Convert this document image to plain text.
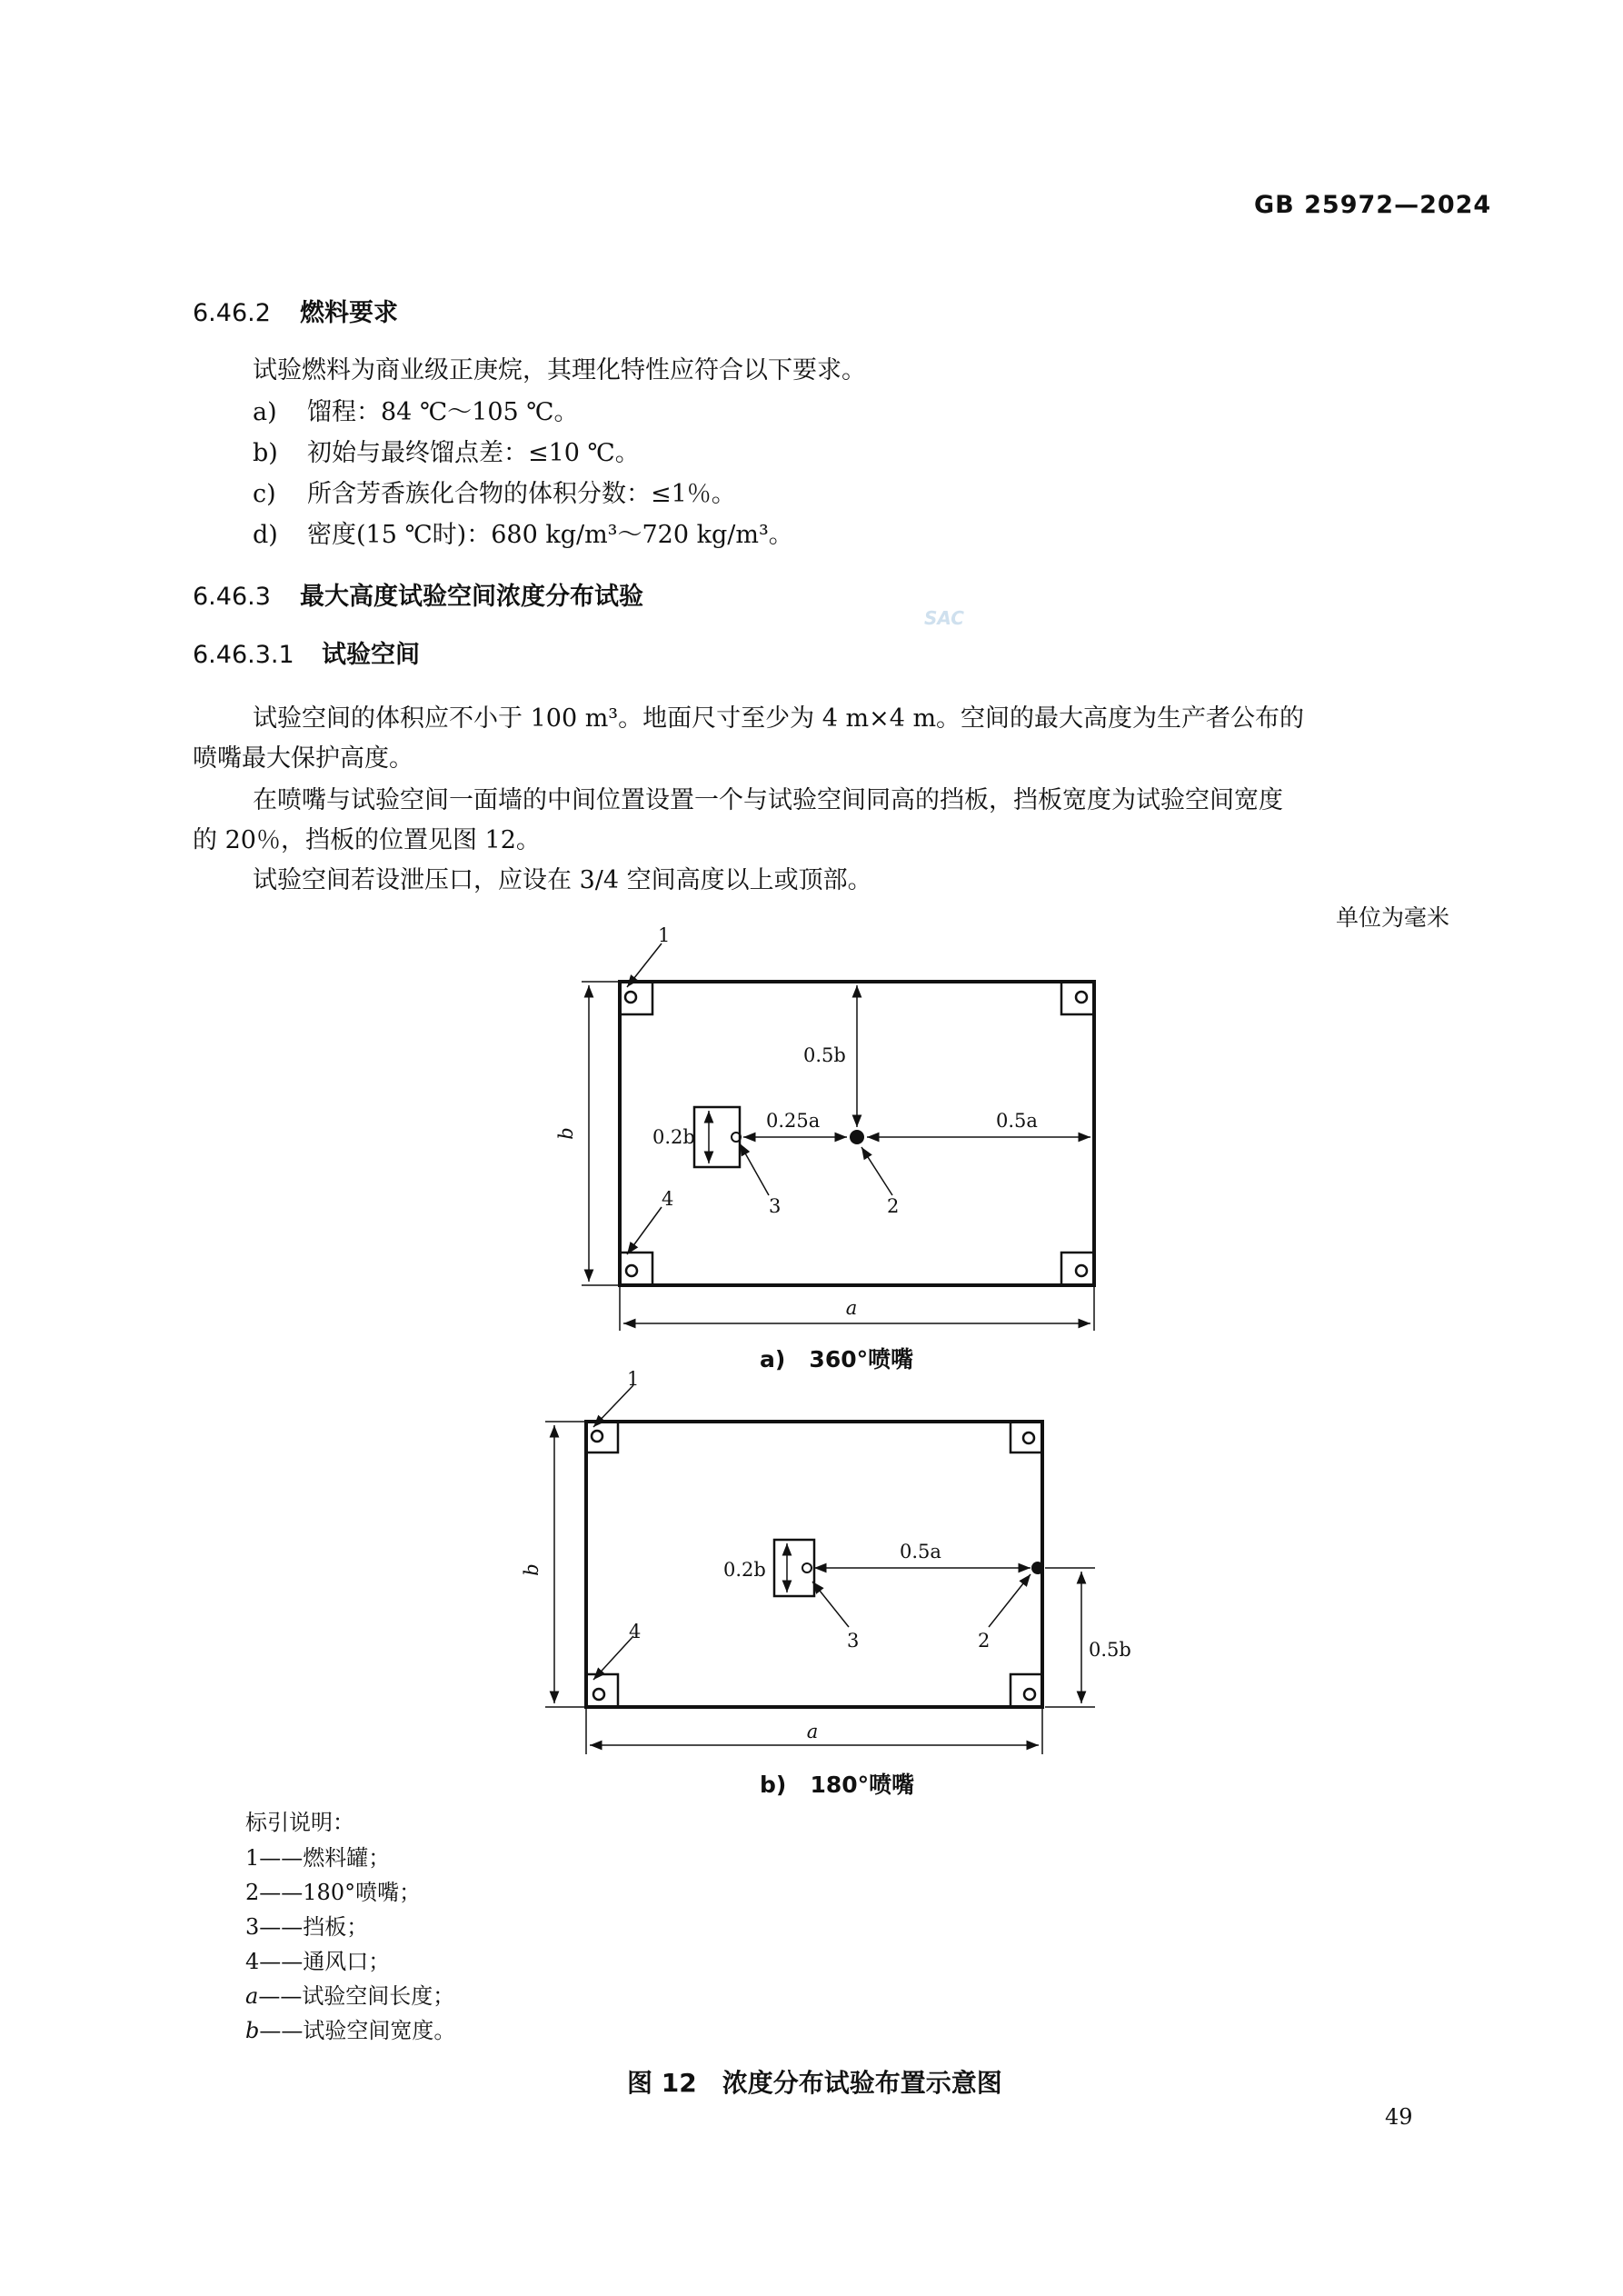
GB 25972—2024
SAC
6.46.2 燃料要求
试验燃料为商业级正庚烷，其理化特性应符合以下要求。
a) 馏程：84 ℃～105 ℃。
b) 初始与最终馏点差：≤10 ℃。
c) 所含芳香族化合物的体积分数：≤1％。
d) 密度(15 ℃时)：680 kg/m³～720 kg/m³。
6.46.3 最大高度试验空间浓度分布试验
6.46.3.1 试验空间
试验空间的体积应不小于 100 m³。地面尺寸至少为 4 m×4 m。空间的最大高度为生产者公布的
喷嘴最大保护高度。
在喷嘴与试验空间一面墙的中间位置设置一个与试验空间同高的挡板，挡板宽度为试验空间宽度
的 20％，挡板的位置见图 12。
试验空间若设泄压口，应设在 3/4 空间高度以上或顶部。
单位为毫米
b
a
0.5b
0.2b
0.25a	0.5a
1
2
3
4
b
a
0.2b
0.5a
0.5b
1
2
3
4
a) 360°喷嘴
b) 180°喷嘴
标引说明：
1——燃料罐；
2——180°喷嘴；
3——挡板；
4——通风口；
a——试验空间长度；
b——试验空间宽度。
图 12　浓度分布试验布置示意图
49
